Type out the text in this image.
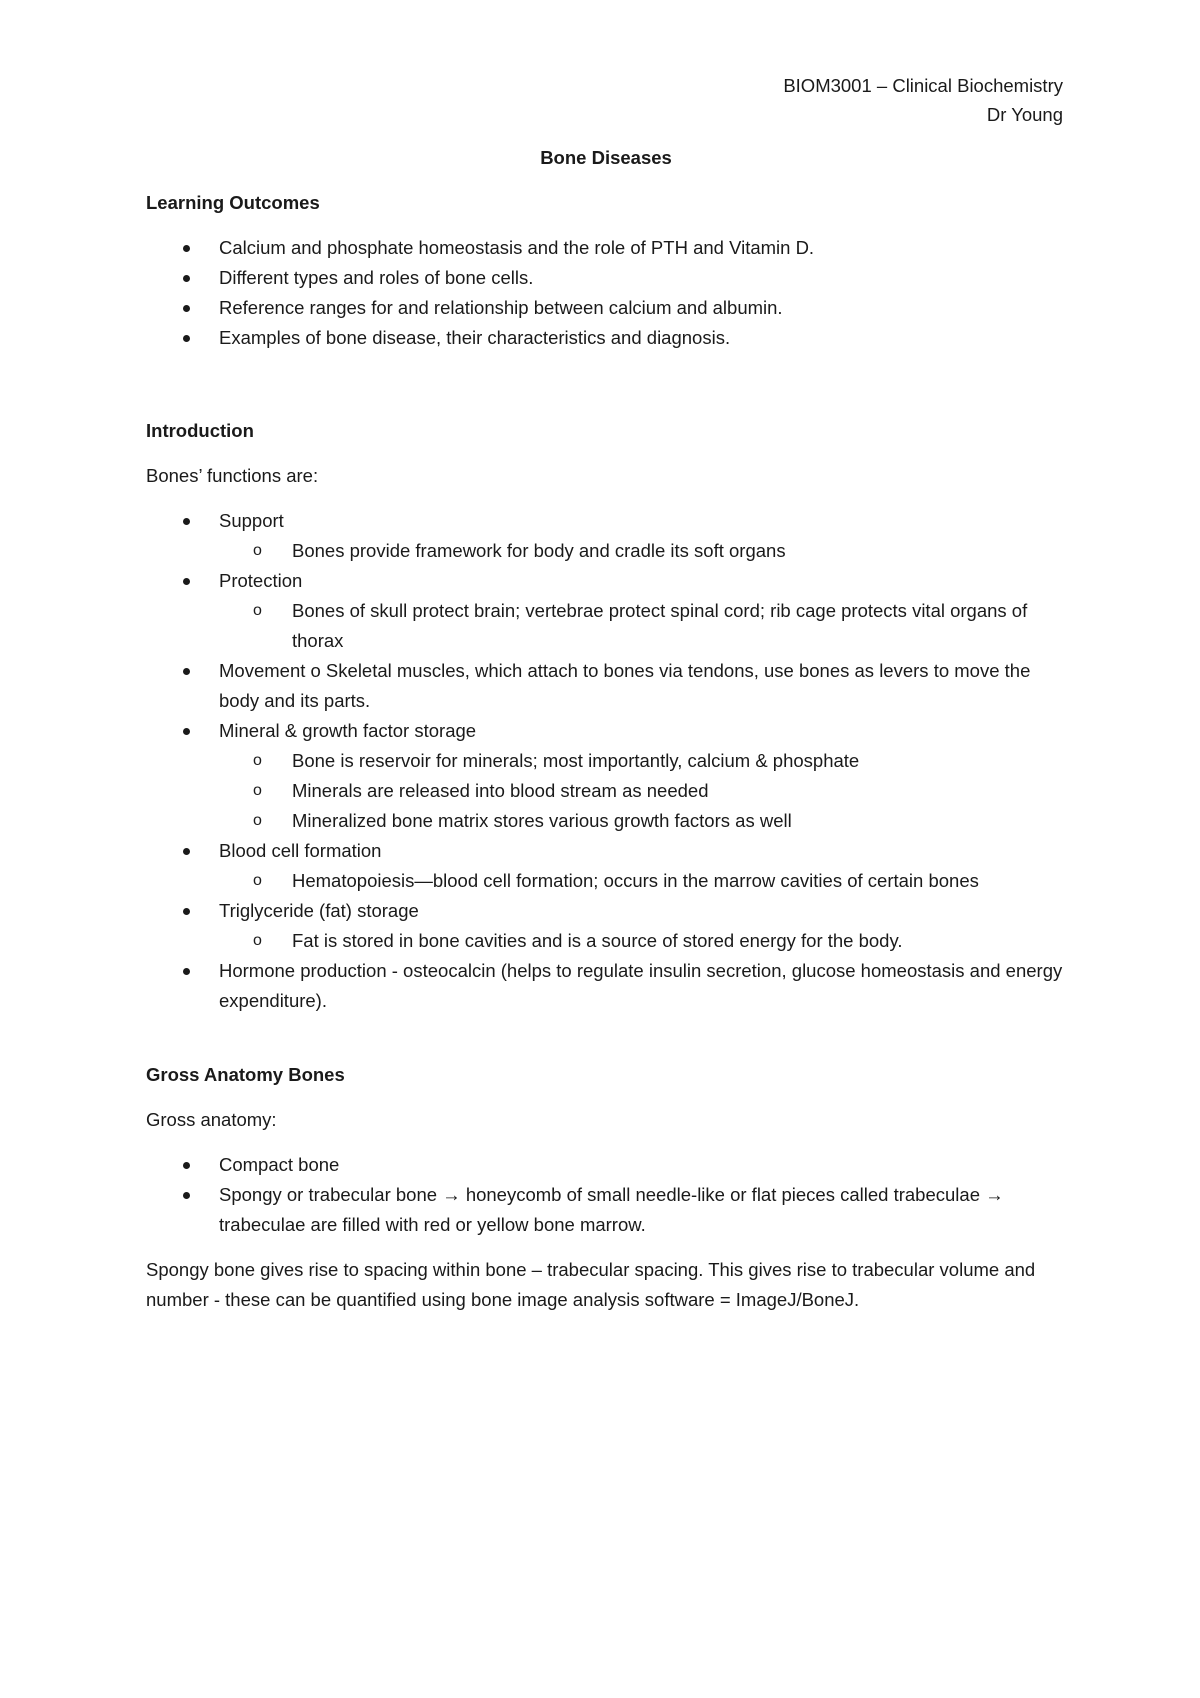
BIOM3001 – Clinical Biochemistry
Dr Young
Bone Diseases
Learning Outcomes
Calcium and phosphate homeostasis and the role of PTH and Vitamin D.
Different types and roles of bone cells.
Reference ranges for and relationship between calcium and albumin.
Examples of bone disease, their characteristics and diagnosis.
Introduction

Bones’ functions are:

Support
o Bones provide framework for body and cradle its soft organs
Protection
o Bones of skull protect brain; vertebrae protect spinal cord; rib cage protects vital organs of thorax
Movement o Skeletal muscles, which attach to bones via tendons, use bones as levers to move the body and its parts.
Mineral & growth factor storage
o Bone is reservoir for minerals; most importantly, calcium & phosphate
o Minerals are released into blood stream as needed
o Mineralized bone matrix stores various growth factors as well
Blood cell formation
o Hematopoiesis—blood cell formation; occurs in the marrow cavities of certain bones
Triglyceride (fat) storage
o Fat is stored in bone cavities and is a source of stored energy for the body.
Hormone production - osteocalcin (helps to regulate insulin secretion, glucose homeostasis and energy expenditure).
Gross Anatomy Bones

Gross anatomy:

Compact bone
Spongy or trabecular bone → honeycomb of small needle-like or flat pieces called trabeculae → trabeculae are filled with red or yellow bone marrow.

Spongy bone gives rise to spacing within bone – trabecular spacing. This gives rise to trabecular volume and number - these can be quantified using bone image analysis software = ImageJ/BoneJ.
